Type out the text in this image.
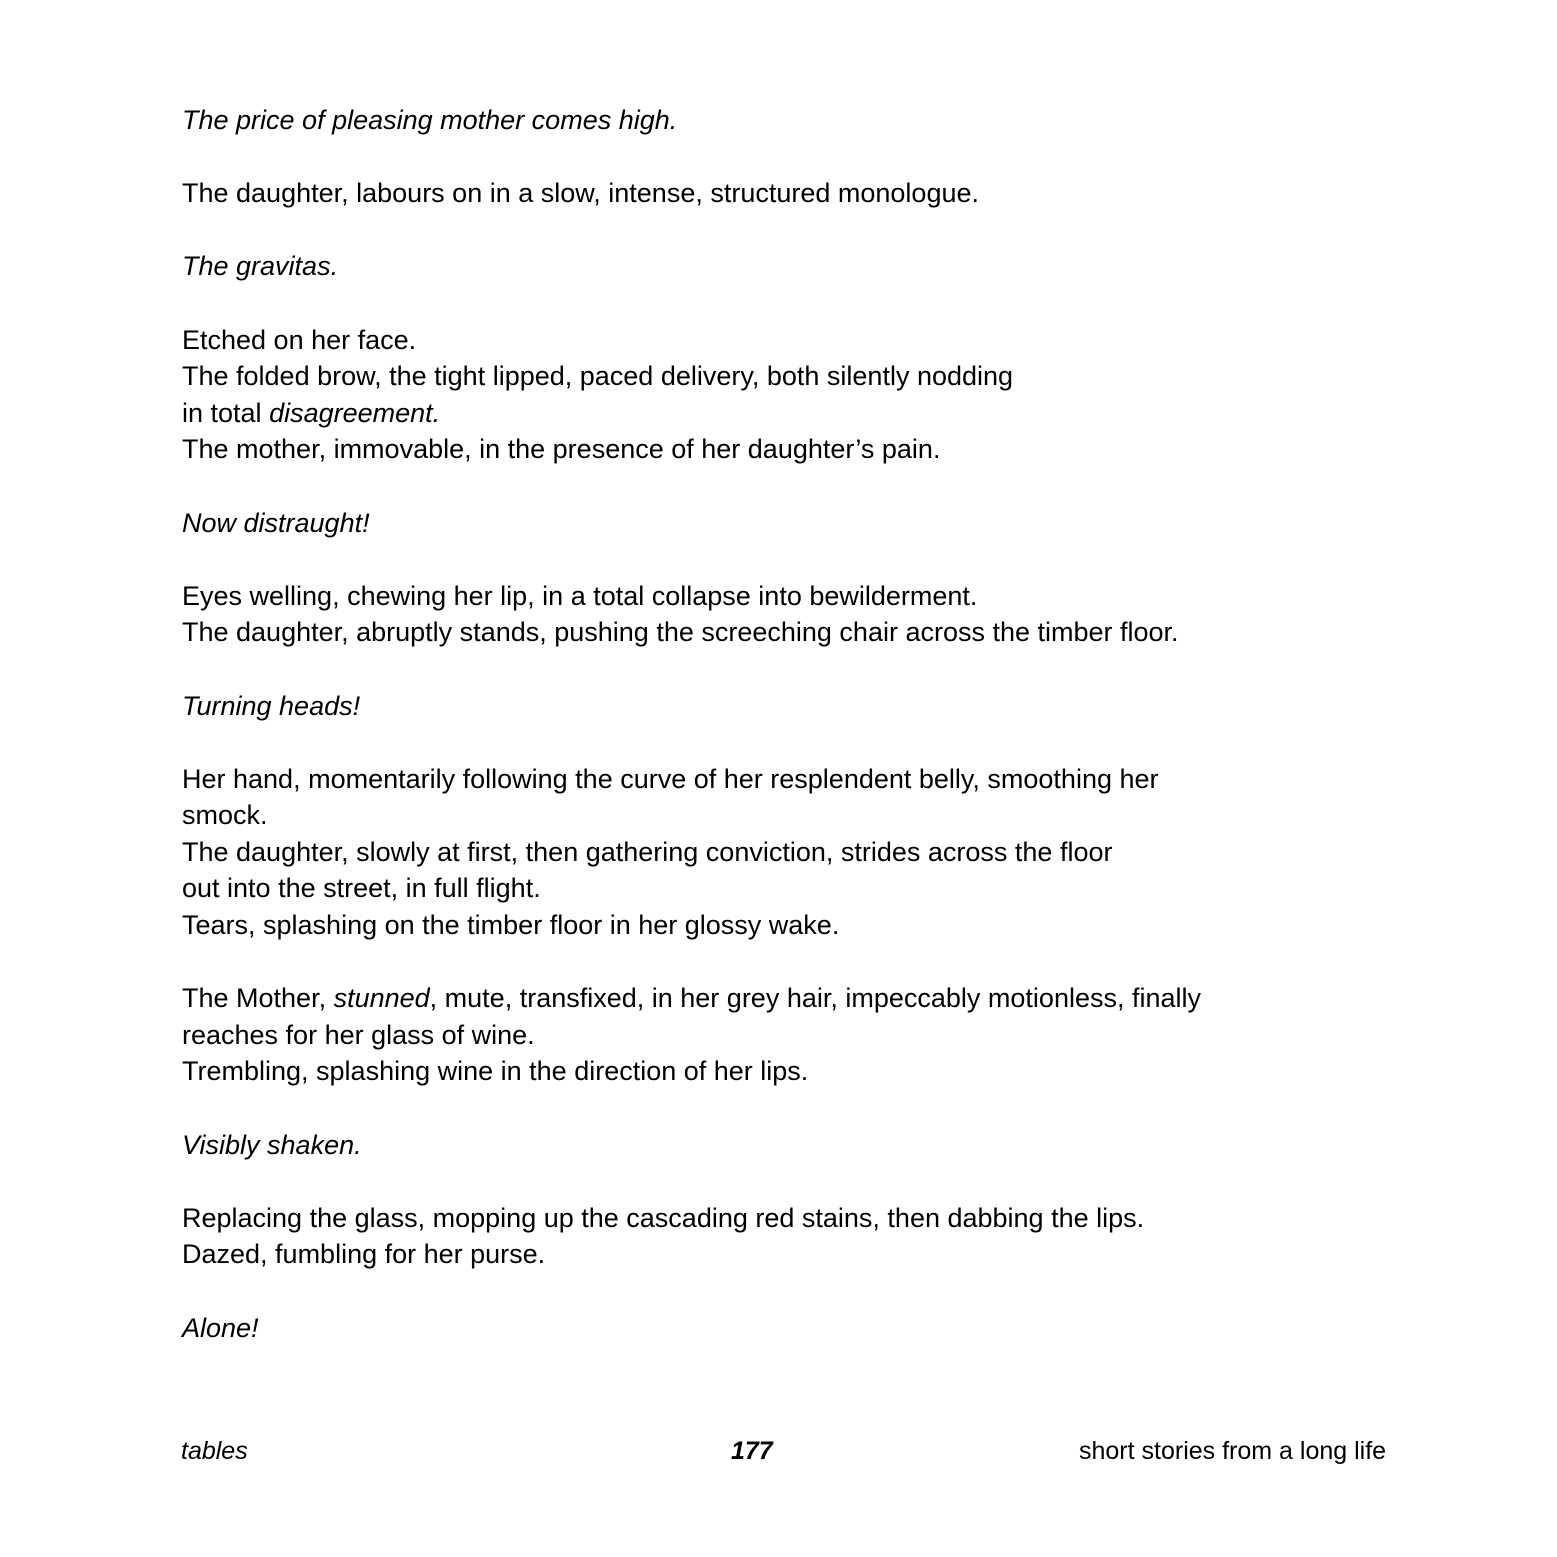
The price of pleasing mother comes high.

The daughter, labours on in a slow, intense, structured monologue.

The gravitas.

Etched on her face.

The folded brow, the tight lipped, paced delivery, both silently nodding

in total disagreement.

The mother, immovable, in the presence of her daughter’s pain.

Now distraught!

Eyes welling, chewing her lip, in a total collapse into bewilderment.

The daughter, abruptly stands, pushing the screeching chair across the timber floor.

Turning heads!

Her hand, momentarily following the curve of her resplendent belly, smoothing her

smock.

The daughter, slowly at first, then gathering conviction, strides across the floor

out into the street, in full flight.

Tears, splashing on the timber floor in her glossy wake.

The Mother, stunned, mute, transfixed, in her grey hair, impeccably motionless, finally

reaches for her glass of wine.

Trembling, splashing wine in the direction of her lips.

Visibly shaken.

Replacing the glass, mopping up the cascading red stains, then dabbing the lips.

Dazed, fumbling for her purse.

Alone!

tables	177	short stories from a long life
